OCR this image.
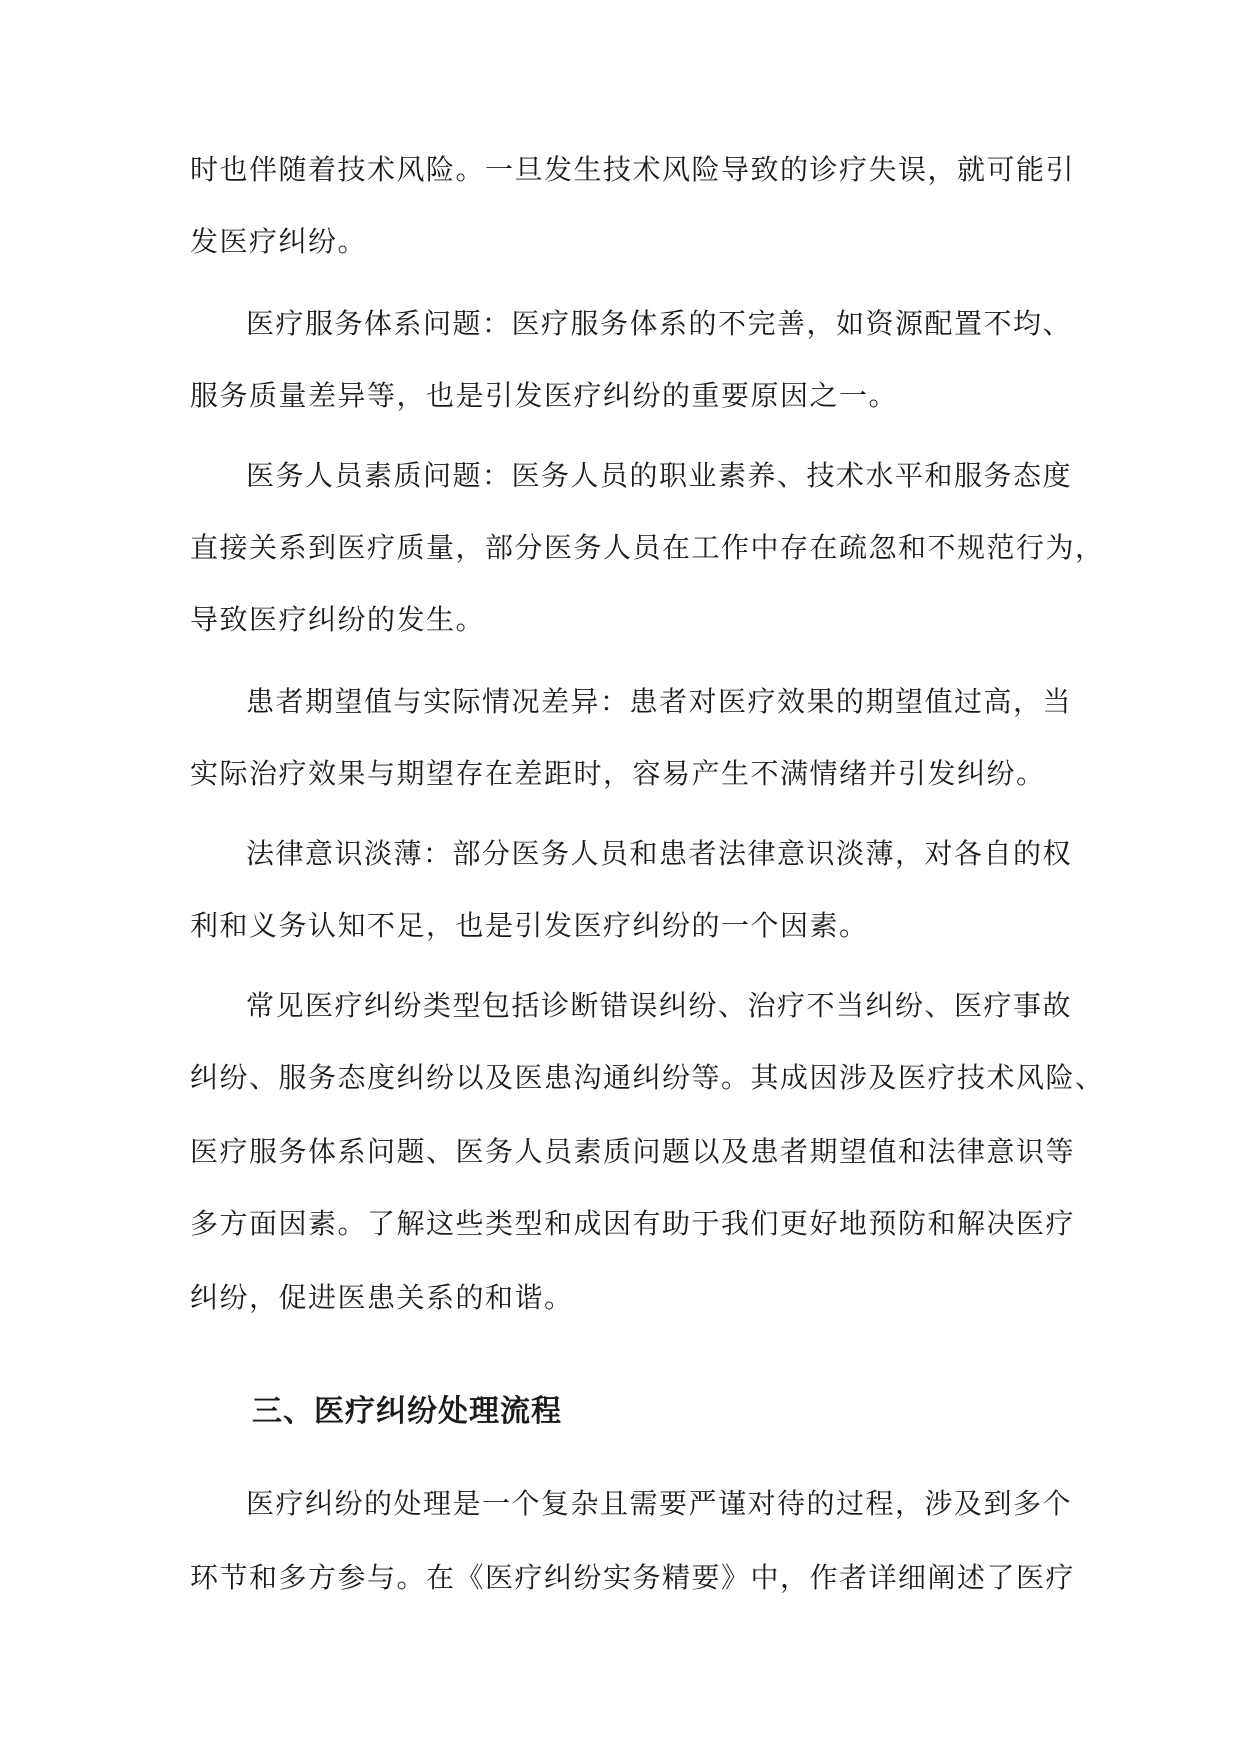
时也伴随着技术风险。一旦发生技术风险导致的诊疗失误，就可能引
发医疗纠纷。
医疗服务体系问题：医疗服务体系的不完善，如资源配置不均、
服务质量差异等，也是引发医疗纠纷的重要原因之一。
医务人员素质问题：医务人员的职业素养、技术水平和服务态度
直接关系到医疗质量，部分医务人员在工作中存在疏忽和不规范行为，
导致医疗纠纷的发生。
患者期望值与实际情况差异：患者对医疗效果的期望值过高，当
实际治疗效果与期望存在差距时，容易产生不满情绪并引发纠纷。
法律意识淡薄：部分医务人员和患者法律意识淡薄，对各自的权
利和义务认知不足，也是引发医疗纠纷的一个因素。
常见医疗纠纷类型包括诊断错误纠纷、治疗不当纠纷、医疗事故
纠纷、服务态度纠纷以及医患沟通纠纷等。其成因涉及医疗技术风险、
医疗服务体系问题、医务人员素质问题以及患者期望值和法律意识等
多方面因素。了解这些类型和成因有助于我们更好地预防和解决医疗
纠纷，促进医患关系的和谐。
三、医疗纠纷处理流程
医疗纠纷的处理是一个复杂且需要严谨对待的过程，涉及到多个
环节和多方参与。在《医疗纠纷实务精要》中，作者详细阐述了医疗
